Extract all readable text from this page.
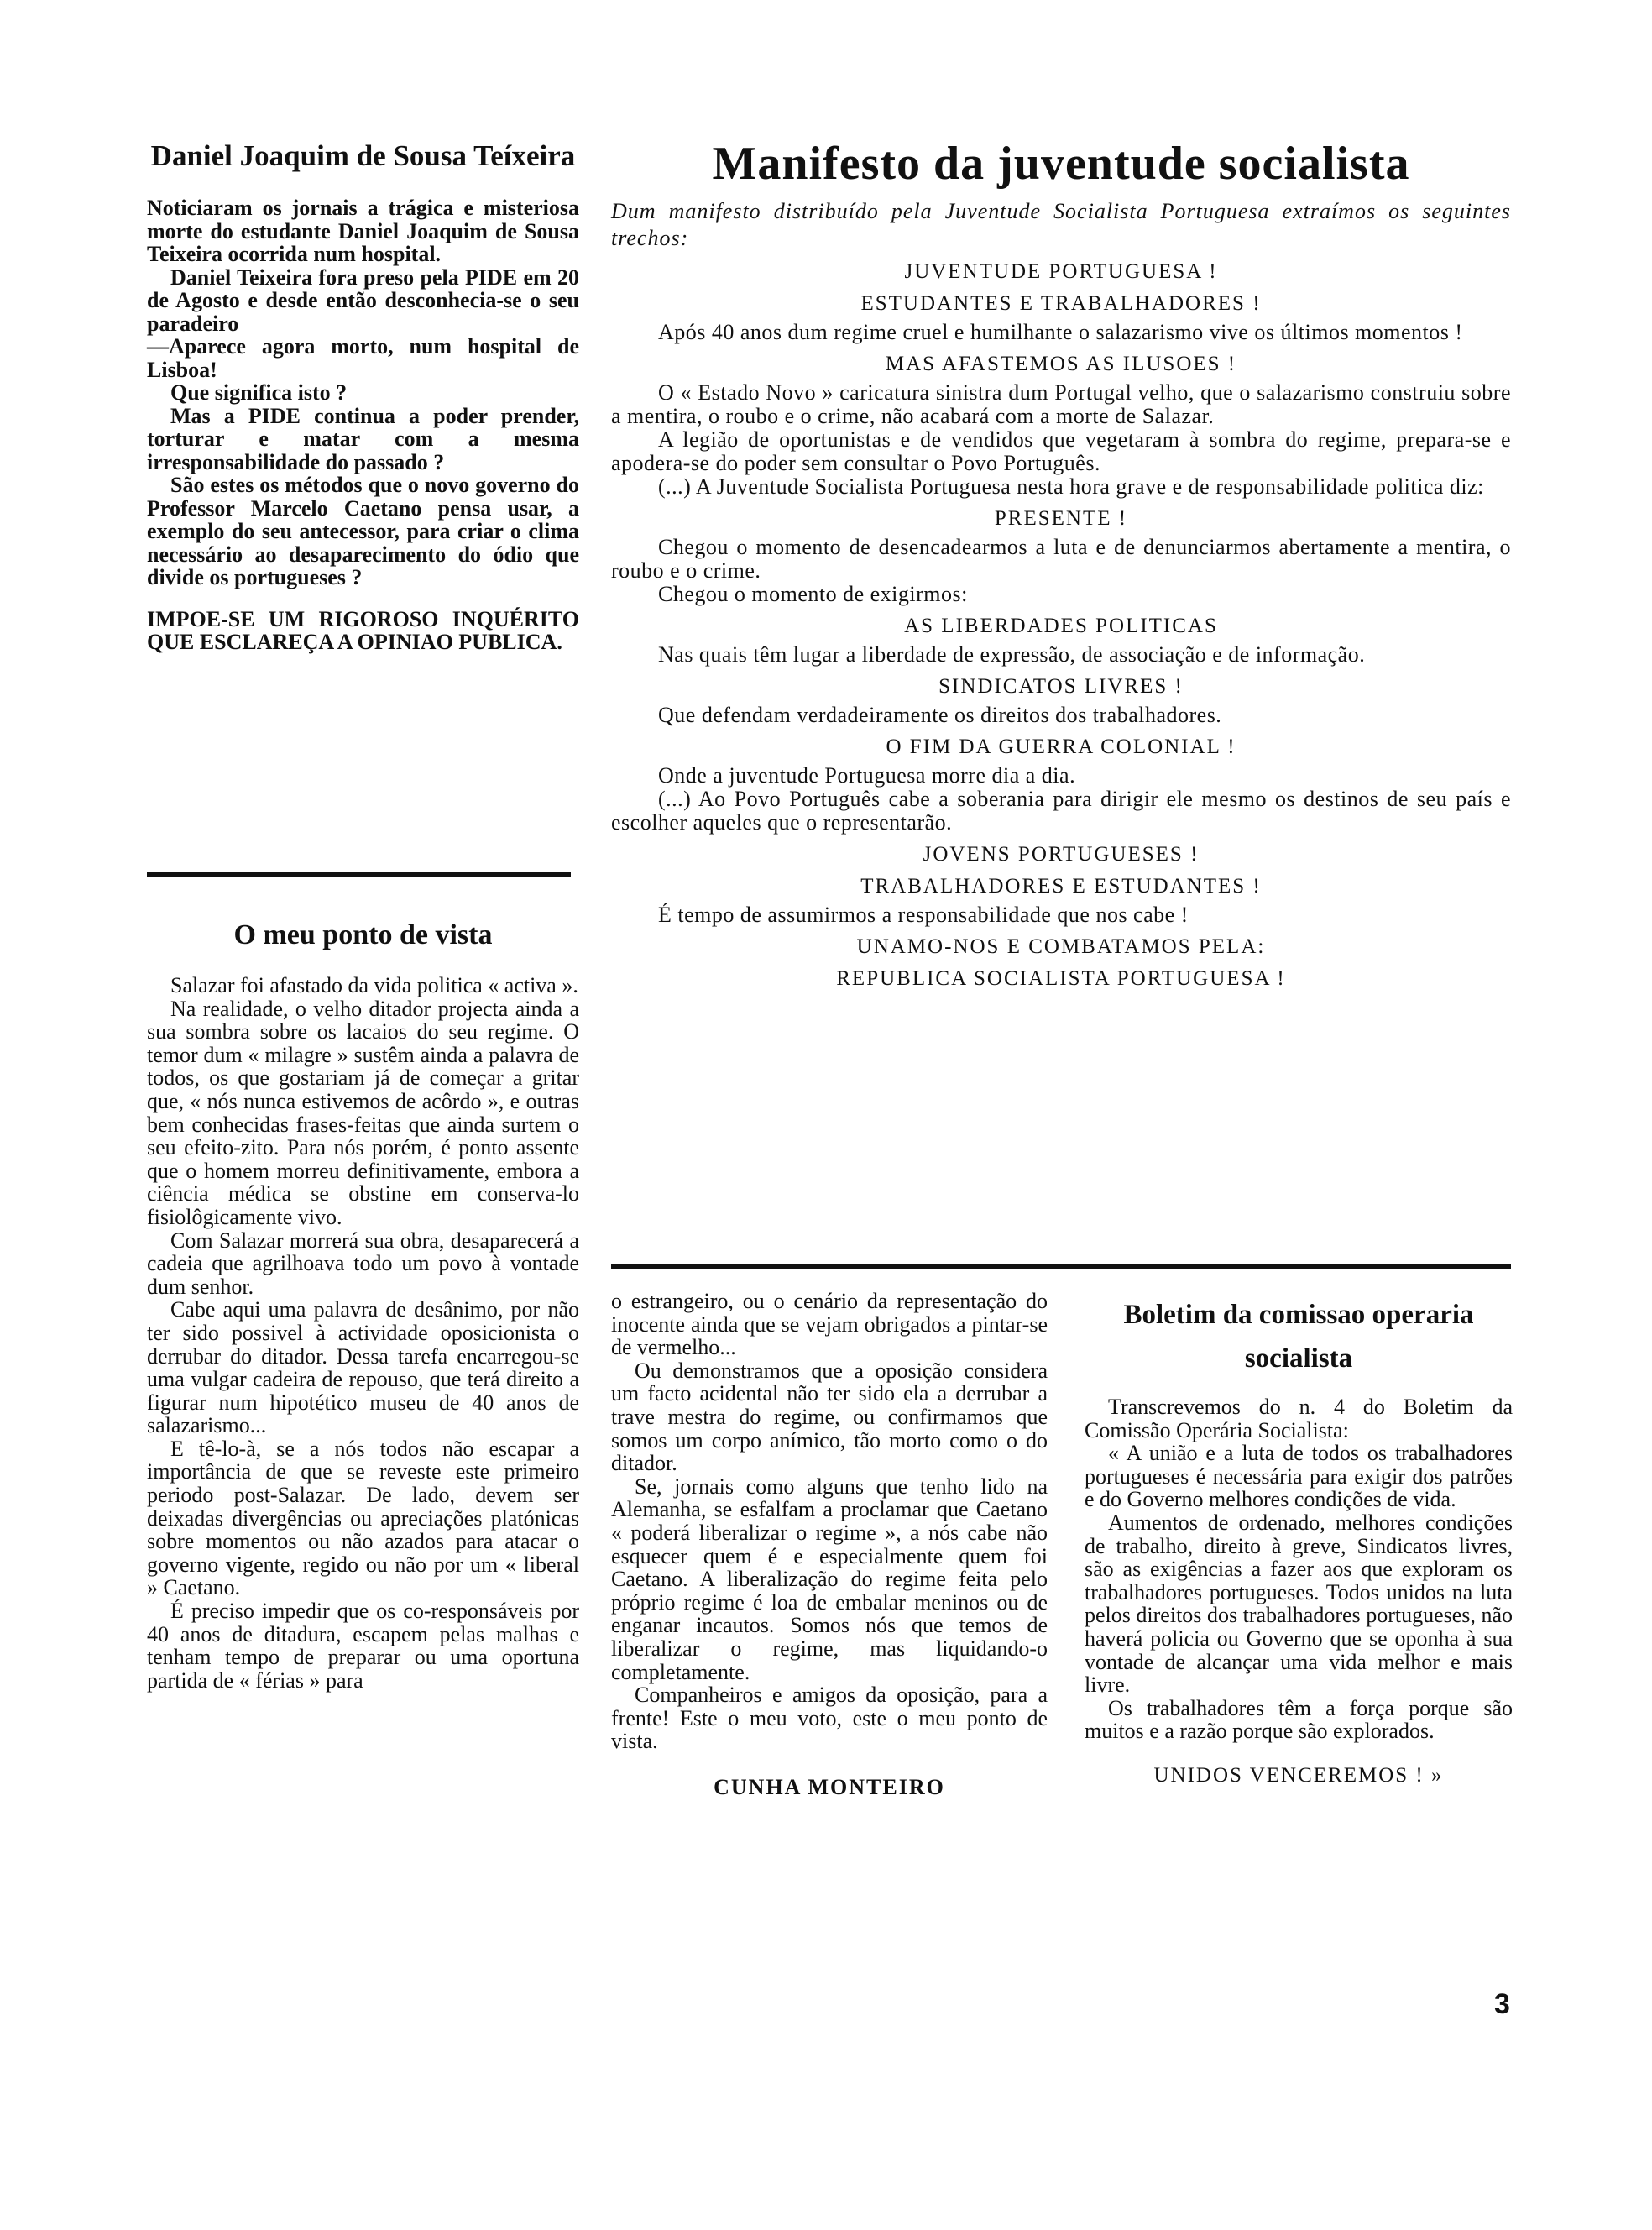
Daniel Joaquim de Sousa Teíxeira

Noticiaram os jornais a trágica e misteriosa morte do estudante Daniel Joaquim de Sousa Teixeira ocorrida num hospital.

Daniel Teixeira fora preso pela PIDE em 20 de Agosto e desde então desconhecia-se o seu paradeiro

—Aparece agora morto, num hospital de Lisboa!

Que significa isto ?

Mas a PIDE continua a poder prender, torturar e matar com a mesma irresponsabilidade do passado ?

São estes os métodos que o novo governo do Professor Marcelo Caetano pensa usar, a exemplo do seu antecessor, para criar o clima necessário ao desaparecimento do ódio que divide os portugueses ?

IMPOE-SE UM RIGOROSO INQUÉRITO QUE ESCLAREÇA A OPINIAO PUBLICA.

O meu ponto de vista

Salazar foi afastado da vida politica « activa ».

Na realidade, o velho ditador projecta ainda a sua sombra sobre os lacaios do seu regime. O temor dum « milagre » sustêm ainda a palavra de todos, os que gostariam já de começar a gritar que, « nós nunca estivemos de acôrdo », e outras bem conhecidas frases-feitas que ainda surtem o seu efeito-zito. Para nós porém, é ponto assente que o homem morreu definitivamente, embora a ciência médica se obstine em conserva-lo fisiolôgicamente vivo.

Com Salazar morrerá sua obra, desaparecerá a cadeia que agrilhoava todo um povo à vontade dum senhor.

Cabe aqui uma palavra de desânimo, por não ter sido possivel à actividade oposicionista o derrubar do ditador. Dessa tarefa encarregou-se uma vulgar cadeira de repouso, que terá direito a figurar num hipotético museu de 40 anos de salazarismo...

E tê-lo-à, se a nós todos não escapar a importância de que se reveste este primeiro periodo post-Salazar. De lado, devem ser deixadas divergências ou apreciações platónicas sobre momentos ou não azados para atacar o governo vigente, regido ou não por um « liberal » Caetano.

É preciso impedir que os co-responsáveis por 40 anos de ditadura, escapem pelas malhas e tenham tempo de preparar ou uma oportuna partida de « férias » para

Manifesto da juventude socialista

Dum manifesto distribuído pela Juventude Socialista Portuguesa extraímos os seguintes trechos:

JUVENTUDE PORTUGUESA !

ESTUDANTES E TRABALHADORES !

Após 40 anos dum regime cruel e humilhante o salazarismo vive os últimos momentos !

MAS AFASTEMOS AS ILUSOES !

O « Estado Novo » caricatura sinistra dum Portugal velho, que o salazarismo construiu sobre a mentira, o roubo e o crime, não acabará com a morte de Salazar.

A legião de oportunistas e de vendidos que vegetaram à sombra do regime, prepara-se e apodera-se do poder sem consultar o Povo Português.

(...) A Juventude Socialista Portuguesa nesta hora grave e de responsabilidade politica diz:

PRESENTE !

Chegou o momento de desencadearmos a luta e de denunciarmos abertamente a mentira, o roubo e o crime.

Chegou o momento de exigirmos:

AS LIBERDADES POLITICAS

Nas quais têm lugar a liberdade de expressão, de associação e de informação.

SINDICATOS LIVRES !

Que defendam verdadeiramente os direitos dos trabalhadores.

O FIM DA GUERRA COLONIAL !

Onde a juventude Portuguesa morre dia a dia.

(...) Ao Povo Português cabe a soberania para dirigir ele mesmo os destinos de seu país e escolher aqueles que o representarão.

JOVENS PORTUGUESES !

TRABALHADORES E ESTUDANTES !

É tempo de assumirmos a responsabilidade que nos cabe !

UNAMO-NOS E COMBATAMOS PELA:

REPUBLICA SOCIALISTA PORTUGUESA !

o estrangeiro, ou o cenário da representação do inocente ainda que se vejam obrigados a pintar-se de vermelho...

Ou demonstramos que a oposição considera um facto acidental não ter sido ela a derrubar a trave mestra do regime, ou confirmamos que somos um corpo anímico, tão morto como o do ditador.

Se, jornais como alguns que tenho lido na Alemanha, se esfalfam a proclamar que Caetano « poderá liberalizar o regime », a nós cabe não esquecer quem é e especialmente quem foi Caetano. A liberalização do regime feita pelo próprio regime é loa de embalar meninos ou de enganar incautos. Somos nós que temos de liberalizar o regime, mas liquidando-o completamente.

Companheiros e amigos da oposição, para a frente! Este o meu voto, este o meu ponto de vista.

CUNHA MONTEIRO
Boletim da comissao operaria socialista

Transcrevemos do n. 4 do Boletim da Comissão Operária Socialista:

« A união e a luta de todos os trabalhadores portugueses é necessária para exigir dos patrões e do Governo melhores condições de vida.

Aumentos de ordenado, melhores condições de trabalho, direito à greve, Sindicatos livres, são as exigências a fazer aos que exploram os trabalhadores portugueses. Todos unidos na luta pelos direitos dos trabalhadores portugueses, não haverá policia ou Governo que se oponha à sua vontade de alcançar uma vida melhor e mais livre.

Os trabalhadores têm a força porque são muitos e a razão porque são explorados.

UNIDOS VENCEREMOS ! »
3
